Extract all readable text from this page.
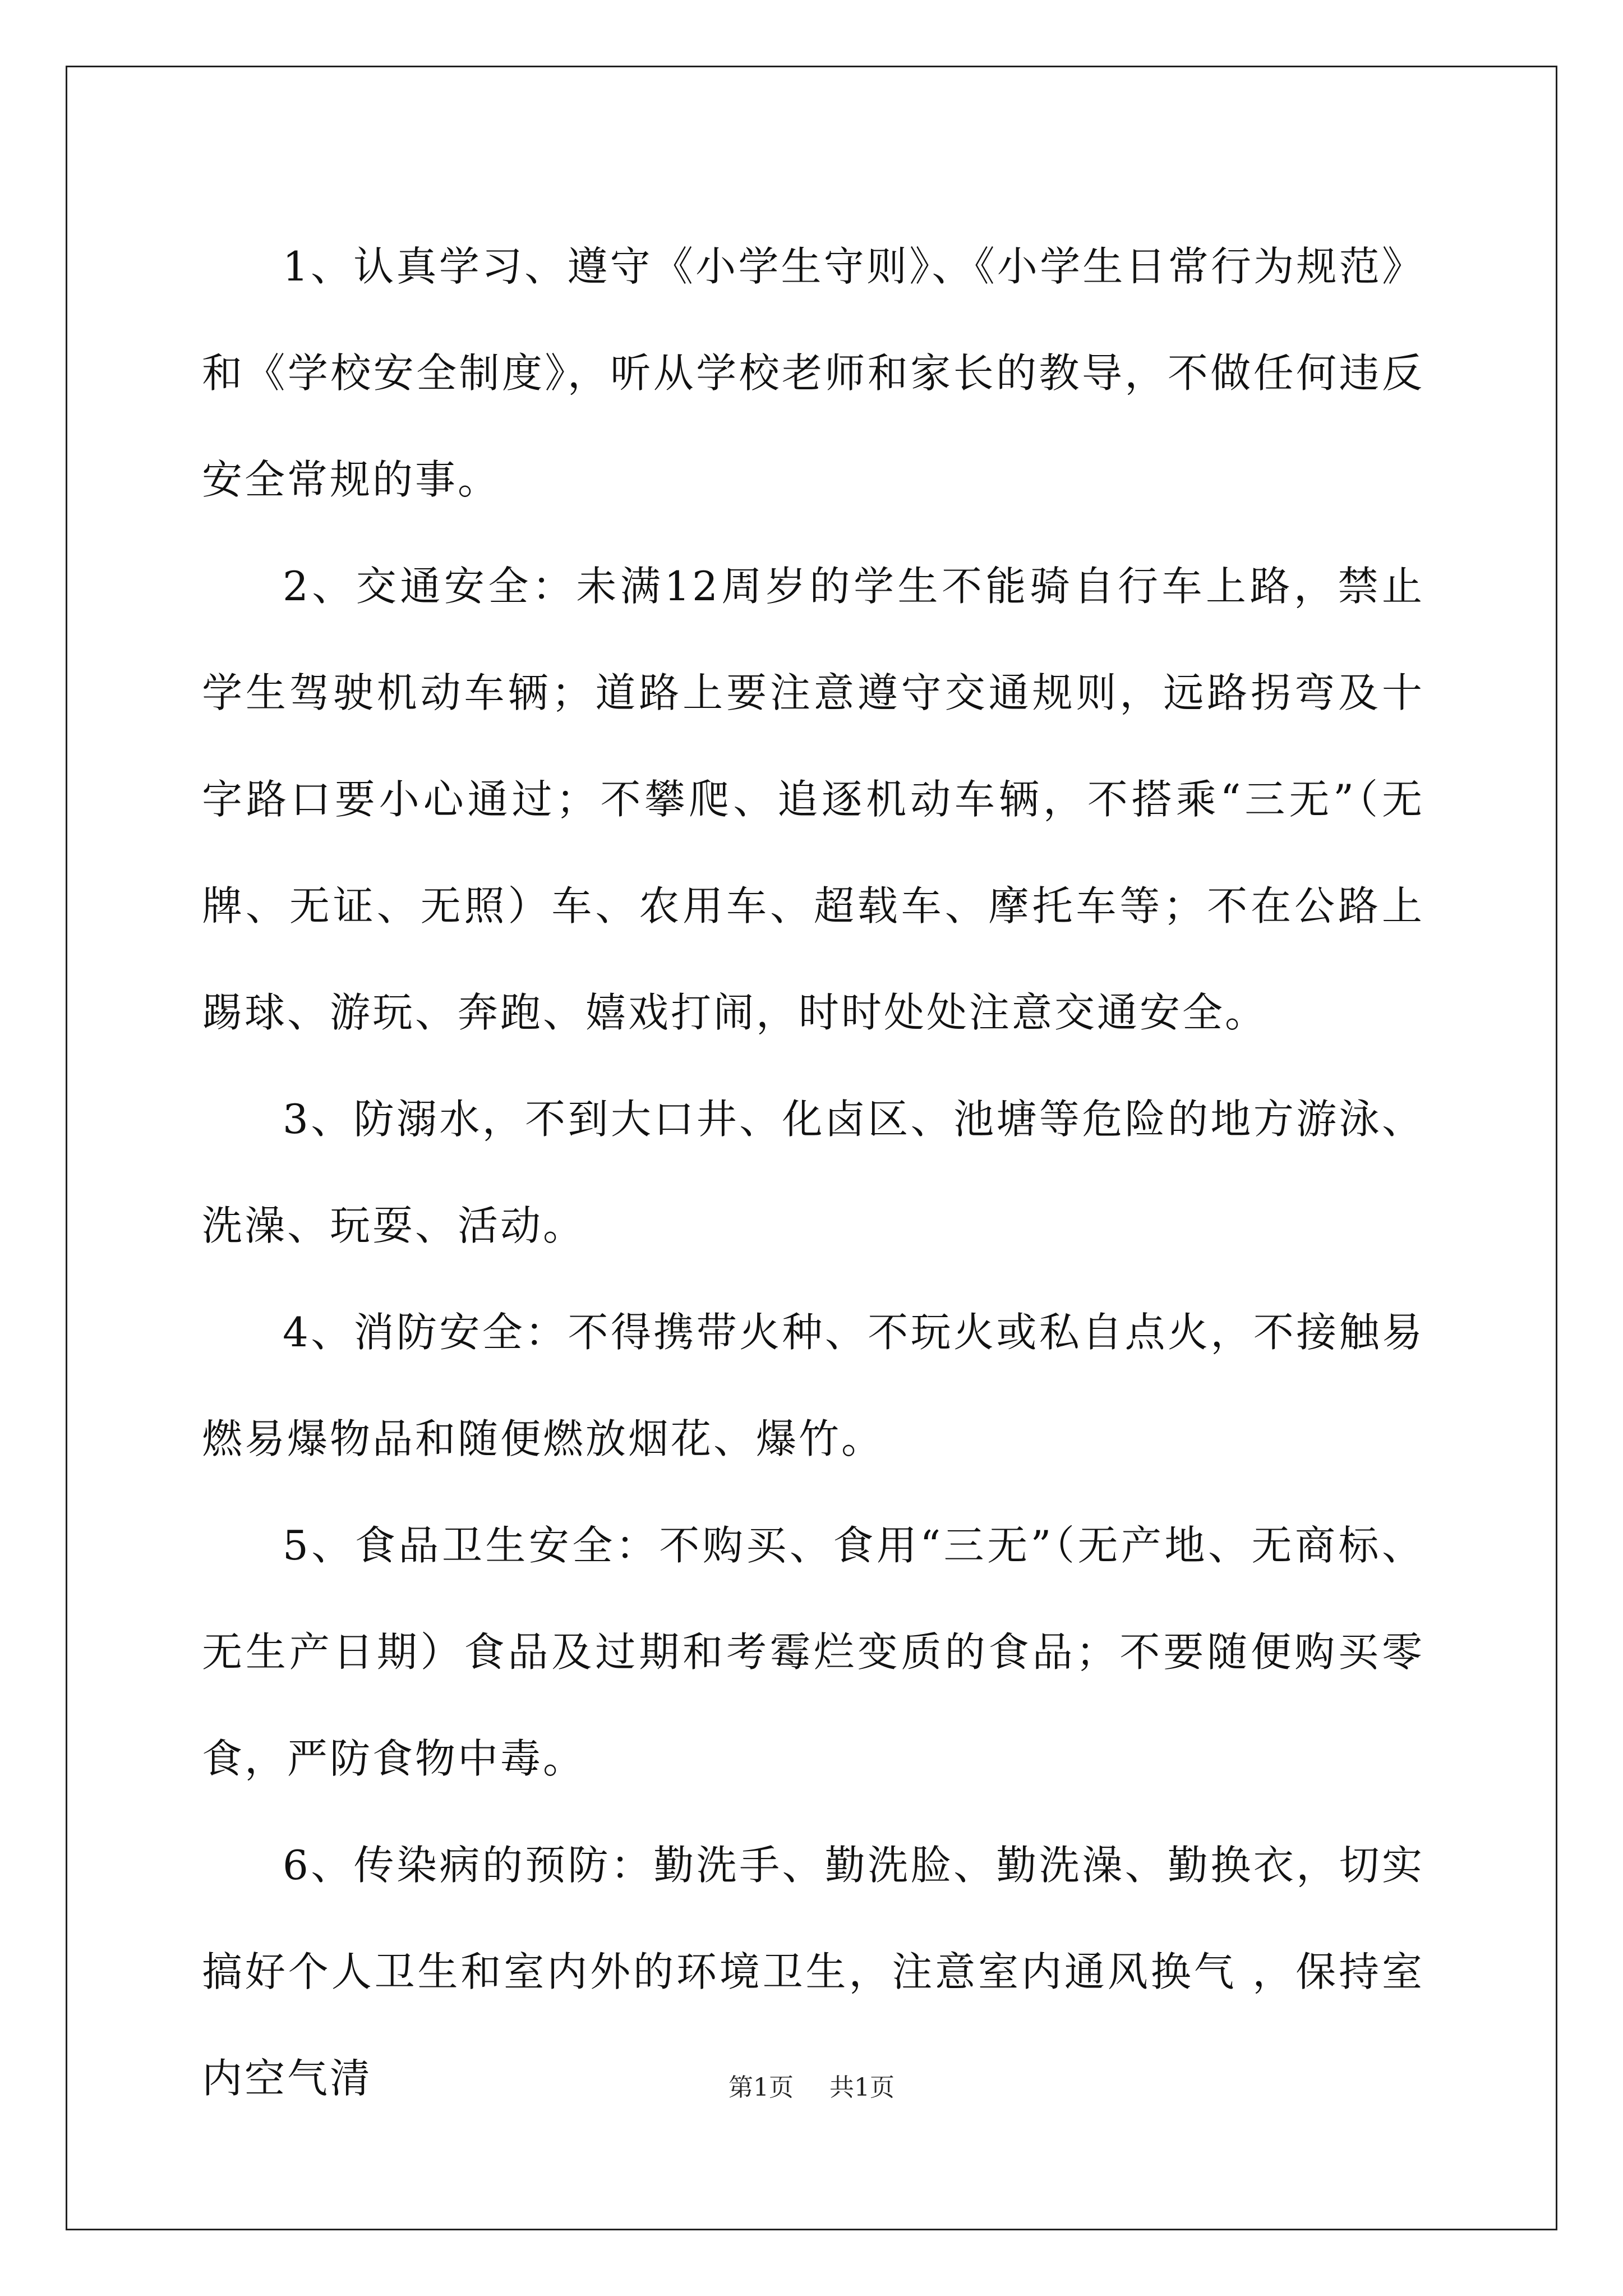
1、认真学习、遵守《小学生守则》、《小学生日常行为规范》和《学校安全制度》，听从学校老师和家长的教导，不做任何违反安全常规的事。

2、交通安全：未满12周岁的学生不能骑自行车上路，禁止学生驾驶机动车辆；道路上要注意遵守交通规则，远路拐弯及十字路口要小心通过；不攀爬、追逐机动车辆，不搭乘“三无”（无牌、无证、无照）车、农用车、超载车、摩托车等；不在公路上踢球、游玩、奔跑、嬉戏打闹，时时处处注意交通安全。

3、防溺水，不到大口井、化卤区、池塘等危险的地方游泳、洗澡、玩耍、活动。

4、消防安全：不得携带火种、不玩火或私自点火，不接触易燃易爆物品和随便燃放烟花、爆竹。

5、食品卫生安全：不购买、食用“三无”（无产地、无商标、无生产日期）食品及过期和考霉烂变质的食品；不要随便购买零食，严防食物中毒。

6、传染病的预防：勤洗手、勤洗脸、勤洗澡、勤换衣，切实搞好个人卫生和室内外的环境卫生，注意室内通风换气 ，保持室内空气清	第1页 共1页
